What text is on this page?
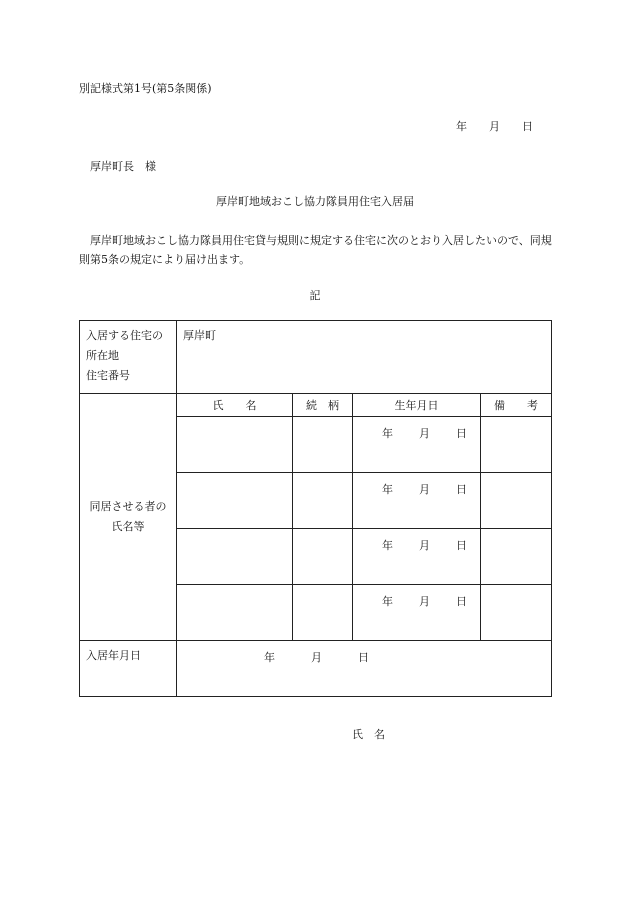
別記様式第1号(第5条関係)
年 月 日
厚岸町長　様
厚岸町地域おこし協力隊員用住宅入居届
　厚岸町地域おこし協力隊員用住宅貸与規則に規定する住宅に次のとおり入居したいので、同規則第5条の規定により届け出ます。
記
入居する住宅の
所在地
住宅番号	厚岸町			

同居させる者の
氏名等	氏　　名	続　柄	生年月日	備　　考

			年 月 日	

			年 月 日	

			年 月 日	

			年 月 日	

入居年月日	年 月 日			
氏　名
